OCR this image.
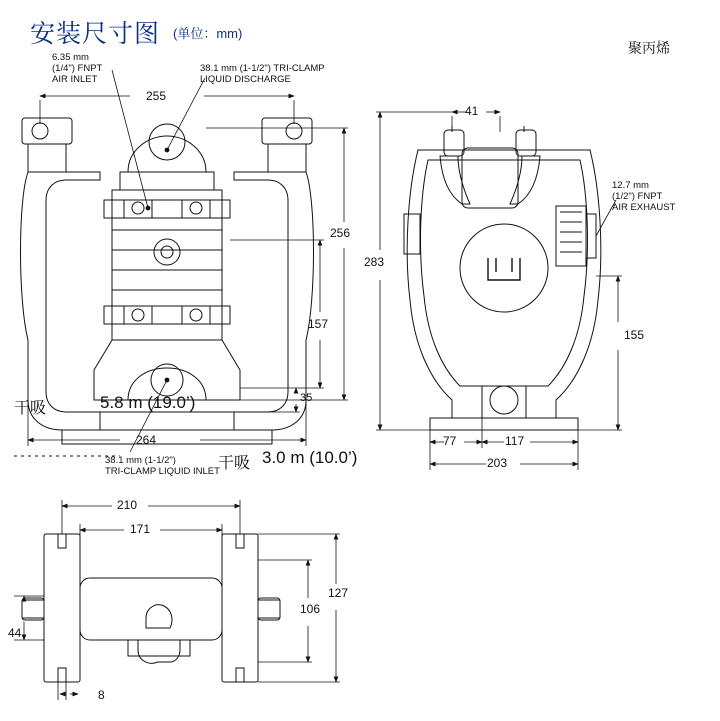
安装尺寸图 (单位：mm)
聚丙烯
6.35 mm
(1/4") FNPT
AIR INLET
38.1 mm (1-1/2") TRI-CLAMP
LIQUID DISCHARGE
38.1 mm (1-1/2")
TRI-CLAMP LIQUID INLET
12.7 mm
(1/2") FNPT
AIR EXHAUST
255
256
157
35
264
41
283
155
77	117
203
210
171
127
106
44
8
干吸	5.8 m (19.0’)
干吸 3.0 m (10.0’)
